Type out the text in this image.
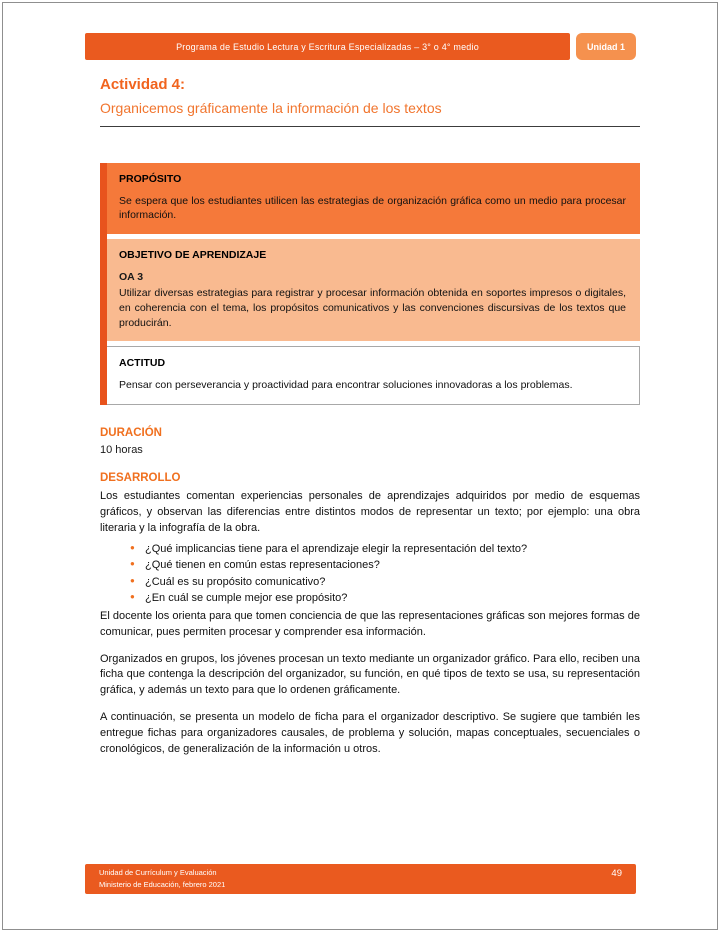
Programa de Estudio Lectura y Escritura Especializadas – 3° o 4° medio	Unidad 1
Actividad 4:
Organicemos gráficamente la información de los textos
PROPÓSITO
Se espera que los estudiantes utilicen las estrategias de organización gráfica como un medio para procesar información.
OBJETIVO DE APRENDIZAJE
OA 3
Utilizar diversas estrategias para registrar y procesar información obtenida en soportes impresos o digitales, en coherencia con el tema, los propósitos comunicativos y las convenciones discursivas de los textos que producirán.
ACTITUD
Pensar con perseverancia y proactividad para encontrar soluciones innovadoras a los problemas.
DURACIÓN
10 horas
DESARROLLO
Los estudiantes comentan experiencias personales de aprendizajes adquiridos por medio de esquemas gráficos, y observan las diferencias entre distintos modos de representar un texto; por ejemplo: una obra literaria y la infografía de la obra.
● ¿Qué implicancias tiene para el aprendizaje elegir la representación del texto?
● ¿Qué tienen en común estas representaciones?
● ¿Cuál es su propósito comunicativo?
● ¿En cuál se cumple mejor ese propósito?
El docente los orienta para que tomen conciencia de que las representaciones gráficas son mejores formas de comunicar, pues permiten procesar y comprender esa información.
Organizados en grupos, los jóvenes procesan un texto mediante un organizador gráfico. Para ello, reciben una ficha que contenga la descripción del organizador, su función, en qué tipos de texto se usa, su representación gráfica, y además un texto para que lo ordenen gráficamente.
A continuación, se presenta un modelo de ficha para el organizador descriptivo. Se sugiere que también les entregue fichas para organizadores causales, de problema y solución, mapas conceptuales, secuenciales o cronológicos, de generalización de la información u otros.
Unidad de Currículum y Evaluación
Ministerio de Educación, febrero 2021
49
